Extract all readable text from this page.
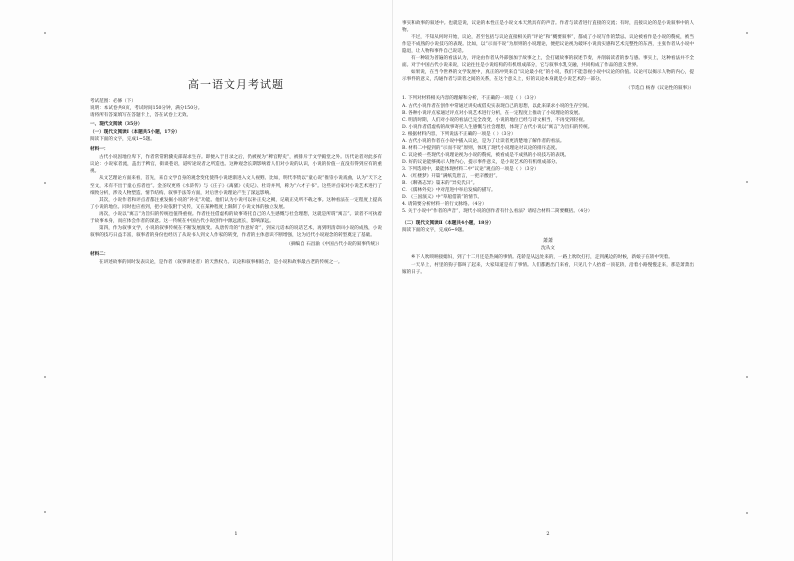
高一语文月考试题
考试范围：必修（下）
说明：本试卷共8页，考试时间150分钟，满分150分。
请将所有答案填写在答题卡上，答在试卷上无效。
一、现代文阅读（35分）
（一）现代文阅读Ⅰ（本题共5小题，17分）
阅读下面的文字，完成1~5题。
材料一：

古代小说因地位卑下，作者常常附骥史部谋求生存。即便入于目录之后，仍被视为“稗官野史”，被排斥于文学殿堂之外。历代论者对此多有议论：小说家者流，盖出于稗官，街谈巷语，道听途说者之所造也。这种观念长期影响着人们对小说的认识，小说的价值一直没有得到应有的重视。

从文艺理论方面来看，首先，来自文学自身的观念变化使得小说逐渐进入文人视野。比如，明代李贽以“童心说”推崇小说戏曲，认为“天下之至文，未有不出于童心焉者也”。金圣叹更将《水浒传》与《庄子》《离骚》《史记》、杜诗并列，称为“六才子书”。这些评点家对小说艺术进行了细致分析，涉及人物塑造、情节结构、叙事手法等方面，对后世小说理论产生了深远影响。

其次，小说作者和评点者都注重发掘小说的“补史”功能。他们认为小说可以补正史之阙，记载正史所不载之事。这种看法在一定程度上提高了小说的地位。同时也应看到，把小说依附于史传，又在某种程度上限制了小说文体的独立发展。

再次，小说以“寓言”为旨归的传统也值得重视。作者往往借虚构的故事寄托自己的人生感慨与社会理想，这就是所谓“寓言”。读者不可执着于故事本身，而应体会作者的深意。这一传统在中国古代小说创作中源远流长，影响深远。

第四，作为叙事文学，小说的叙事传统在不断发展演变。从唐传奇的“作意好奇”，到宋元话本的说话艺术，再到明清章回小说的成熟，小说叙事的技巧日益丰富，叙事者的身份也经历了从说书人到文人作家的转变，作者的主体意识不断增强，这为近代小说观念的转型奠定了基础。

（摘编自 石昌渝《中国古代小说的叙事传统》）
材料二：

在讲述故事的同时发表议论，是作者（叙事讲述者）的天然权力。议论和叙事相结合，是小说和故事最古老的传统之一。

1

事实和故事的叙述中。也就是说，议论的本性正是小说文本天然具有的声音。作者与读者进行直接的交流；有时，直接议论的是小说叙事中的人物。

不过，不知从何时开始，议论，甚至包括与议论直接相关的“评论”和“概要叙事”，都成了小说写作的禁忌。议论被看作是小说的赘疣，被当作是不成熟的小说技巧的表现。比如，以“示而不说”为原则的小说理论，便把议论视为破坏小说真实感和艺术完整性的东西，主张作者从小说中隐退，让人物和事件自己说话。

有一种较为普遍的看法认为，评论由作者从外部强加于故事之上，会打破故事的叙述节奏，并削弱读者的参与感。事实上，这种看法并不全面。对于中国古代小说来说，议论往往是小说结构的有机组成部分，它与叙事水乳交融，共同构成了作品的意义世界。

如果说，在当今世界的文学发展中，真正的冲突来自“议论最小化”的小说，我们不能忽视小说中议论的价值。议论可以揭示人物的内心，提示事件的意义，沟通作者与读者之间的关系，在这个意义上，好的议论本身就是小说艺术的一部分。

（节选自 杨春《议论性的叙事》）
1. 下列对材料相关内容的理解和分析，不正确的一项是（ ）（3分）
A. 古代小说作者在创作中常通过讲史或借史实表现自己的思想，以此来谋求小说的生存空间。
B. 各种小说评点家通过评点对小说艺术进行分析，在一定程度上推动了小说理论的发展。
C. 明清时期，人们对小说的看法已完全改变，小说的地位已经与诗文相当，不再受到轻视。
D. 小说作者借虚构的故事寄托人生感慨与社会理想，体现了古代小说以“寓言”为旨归的传统。
2. 根据材料内容，下列说法不正确的一项是（ ）（3分）
A. 古代小说的作者在小说中插入议论，是为了让读者更清楚地了解作者的看法。
B. 材料二中提到的“示而不说”原则，体现了现代小说理论对议论的排斥态度。
C. 议论被一些现代小说理论视为小说的赘疣，被看成是不成熟的小说技巧的表现。
D. 好的议论能够揭示人物内心，提示事件意义，是小说艺术的有机组成部分。
3. 下列选项中，最能体现材料二中“议论”观点的一项是（ ）（3分）
A. 《红楼梦》开篇“满纸荒唐言，一把辛酸泪”。
B. 《聊斋志异》篇末的“异史氏曰”。
C. 《儒林外史》中对范进中举后发疯的描写。
D. 《三国演义》中“草船借箭”的情节。
4. 请简要分析材料一的行文脉络。（4分）
5. 关于小说中“作者的声音”，现代小说的创作者有什么看法？请结合材料二简要概括。（4分）
（二）现代文阅读Ⅱ（本题共4小题，18分）
阅读下面的文字，完成6~9题。
萧萧
沈从文

乡下人吹唢呐接媳妇，到了十二月还是热闹的事情。花轿是从远处来的，一路上吹吹打打，走到溪边的时候，新娘子在轿中哭着。

一天早上，村里的狗子都叫了起来，大家知道是有了事情。人们都跑出门来看，只见几个人抬着一顶花轿，沿着小路慢慢走来，那是萧萧出嫁的日子。

2
